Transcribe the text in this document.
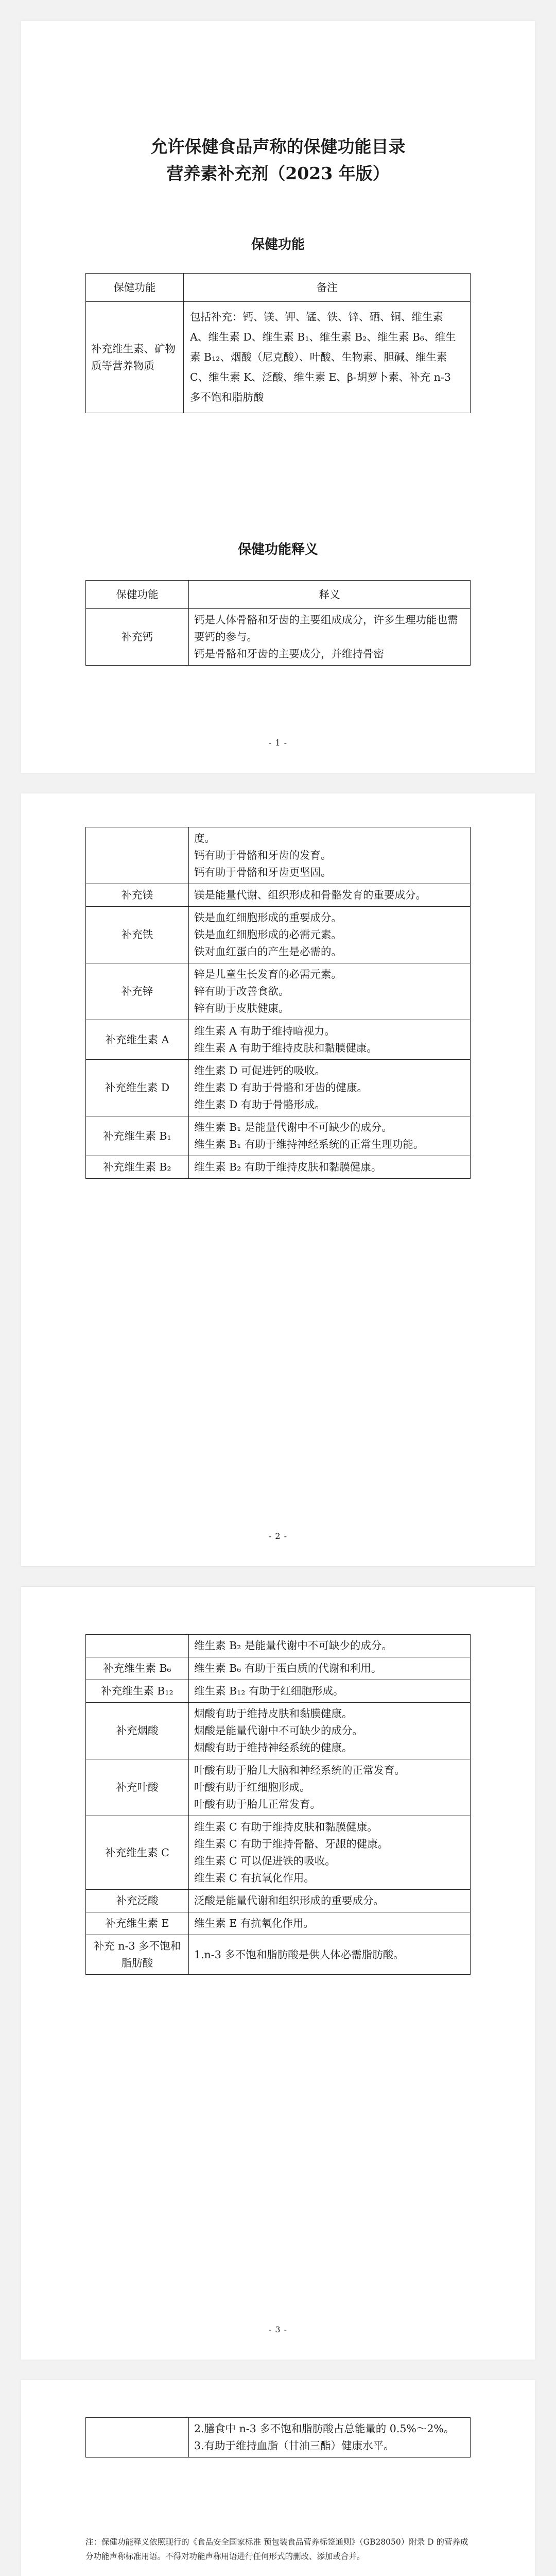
允许保健食品声称的保健功能目录
营养素补充剂（2023 年版）
保健功能
保健功能	备注
补充维生素、矿物质等营养物质	包括补充：钙、镁、钾、锰、铁、锌、硒、铜、维生素 A、维生素 D、维生素 B₁、维生素 B₂、维生素 B₆、维生素 B₁₂、烟酸（尼克酸）、叶酸、生物素、胆碱、维生素 C、维生素 K、泛酸、维生素 E、β-胡萝卜素、补充 n-3 多不饱和脂肪酸
保健功能释义
保健功能	释义
补充钙	钙是人体骨骼和牙齿的主要组成成分，许多生理功能也需要钙的参与。
钙是骨骼和牙齿的主要成分，并维持骨密
- 1 -

	度。
钙有助于骨骼和牙齿的发育。
钙有助于骨骼和牙齿更坚固。

补充镁	镁是能量代谢、组织形成和骨骼发育的重要成分。

补充铁	铁是血红细胞形成的重要成分。
铁是血红细胞形成的必需元素。
铁对血红蛋白的产生是必需的。

补充锌	锌是儿童生长发育的必需元素。
锌有助于改善食欲。
锌有助于皮肤健康。

补充维生素 A	维生素 A 有助于维持暗视力。
维生素 A 有助于维持皮肤和黏膜健康。

补充维生素 D	维生素 D 可促进钙的吸收。
维生素 D 有助于骨骼和牙齿的健康。
维生素 D 有助于骨骼形成。

补充维生素 B₁	维生素 B₁ 是能量代谢中不可缺少的成分。
维生素 B₁ 有助于维持神经系统的正常生理功能。

补充维生素 B₂	维生素 B₂ 有助于维持皮肤和黏膜健康。
- 2 -

	维生素 B₂ 是能量代谢中不可缺少的成分。

补充维生素 B₆	维生素 B₆ 有助于蛋白质的代谢和利用。

补充维生素 B₁₂	维生素 B₁₂ 有助于红细胞形成。

补充烟酸	烟酸有助于维持皮肤和黏膜健康。
烟酸是能量代谢中不可缺少的成分。
烟酸有助于维持神经系统的健康。

补充叶酸	叶酸有助于胎儿大脑和神经系统的正常发育。
叶酸有助于红细胞形成。
叶酸有助于胎儿正常发育。

补充维生素 C	维生素 C 有助于维持皮肤和黏膜健康。
维生素 C 有助于维持骨骼、牙龈的健康。
维生素 C 可以促进铁的吸收。
维生素 C 有抗氧化作用。

补充泛酸	泛酸是能量代谢和组织形成的重要成分。

补充维生素 E	维生素 E 有抗氧化作用。

补充 n-3 多不饱和脂肪酸	1.n-3 多不饱和脂肪酸是供人体必需脂肪酸。
- 3 -

2.膳食中 n-3 多不饱和脂肪酸占总能量的 0.5%～2%。
3.有助于维持血脂（甘油三酯）健康水平。
注：保健功能释义依照现行的《食品安全国家标准 预包装食品营养标签通则》（GB28050）附录 D 的营养成分功能声称标准用语。不得对功能声称用语进行任何形式的删改、添加或合并。
